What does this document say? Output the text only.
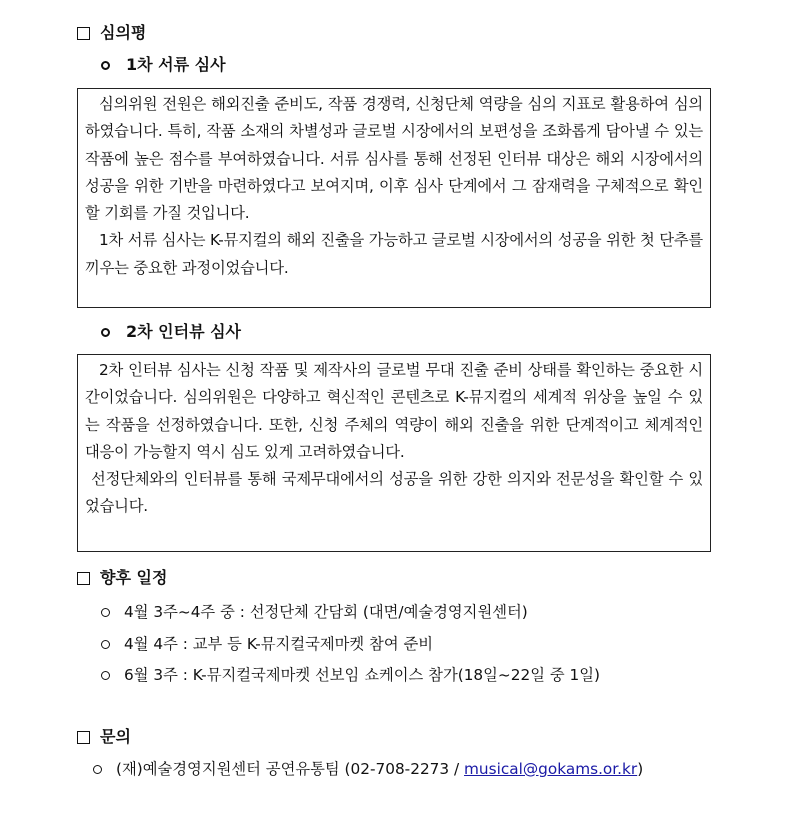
심의평
1차 서류 심사

심의위원 전원은 해외진출 준비도, 작품 경쟁력, 신청단체 역량을 심의 지표로 활용하여 심의하였습니다. 특히, 작품 소재의 차별성과 글로벌 시장에서의 보편성을 조화롭게 담아낼 수 있는 작품에 높은 점수를 부여하였습니다. 서류 심사를 통해 선정된 인터뷰 대상은 해외 시장에서의 성공을 위한 기반을 마련하였다고 보여지며, 이후 심사 단계에서 그 잠재력을 구체적으로 확인할 기회를 가질 것입니다.

1차 서류 심사는 K-뮤지컬의 해외 진출을 가능하고 글로벌 시장에서의 성공을 위한 첫 단추를 끼우는 중요한 과정이었습니다.

2차 인터뷰 심사

2차 인터뷰 심사는 신청 작품 및 제작사의 글로벌 무대 진출 준비 상태를 확인하는 중요한 시간이었습니다. 심의위원은 다양하고 혁신적인 콘텐츠로 K-뮤지컬의 세계적 위상을 높일 수 있는 작품을 선정하였습니다. 또한, 신청 주체의 역량이 해외 진출을 위한 단계적이고 체계적인 대응이 가능할지 역시 심도 있게 고려하였습니다.

선정단체와의 인터뷰를 통해 국제무대에서의 성공을 위한 강한 의지와 전문성을 확인할 수 있었습니다.

향후 일정
4월 3주~4주 중 : 선정단체 간담회 (대면/예술경영지원센터)
4월 4주 : 교부 등 K-뮤지컬국제마켓 참여 준비
6월 3주 : K-뮤지컬국제마켓 선보임 쇼케이스 참가(18일~22일 중 1일)
문의
(재)예술경영지원센터 공연유통팀 (02-708-2273 / musical@gokams.or.kr )
